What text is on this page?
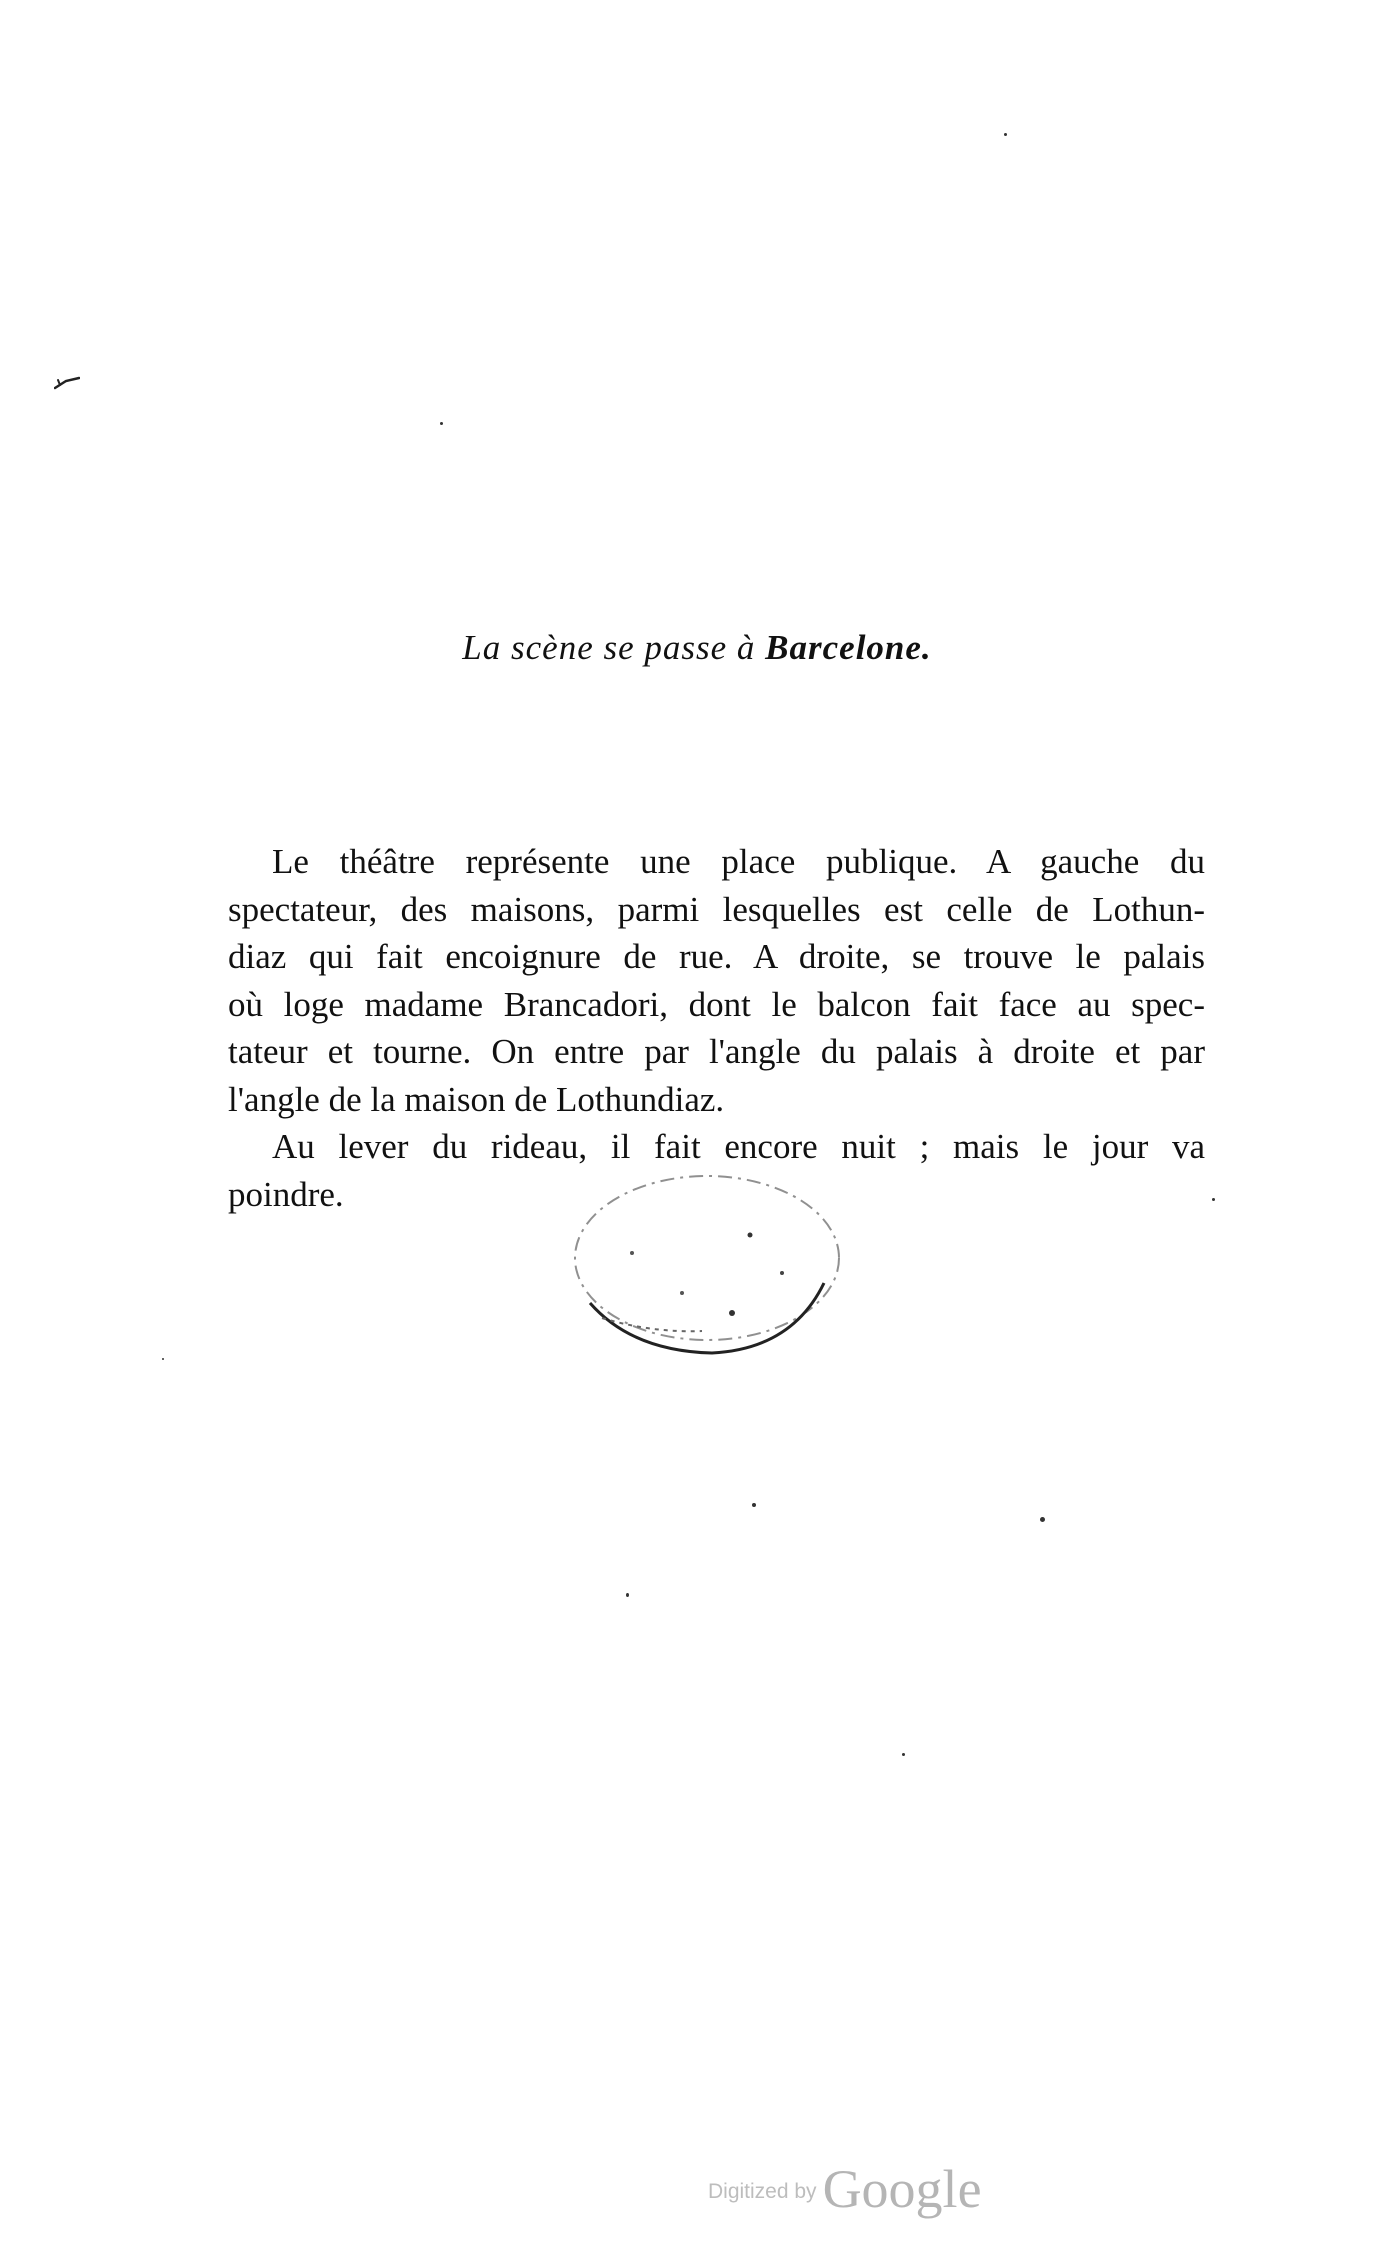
La scène se passe à Barcelone.
Le théâtre représente une place publique. A gauche du
spectateur, des maisons, parmi lesquelles est celle de Lothun-
diaz qui fait encoignure de rue. A droite, se trouve le palais
où loge madame Brancadori, dont le balcon fait face au spec-
tateur et tourne. On entre par l'angle du palais à droite et par
l'angle de la maison de Lothundiaz.
Au lever du rideau, il fait encore nuit ; mais le jour va
poindre.
Digitized by Google
